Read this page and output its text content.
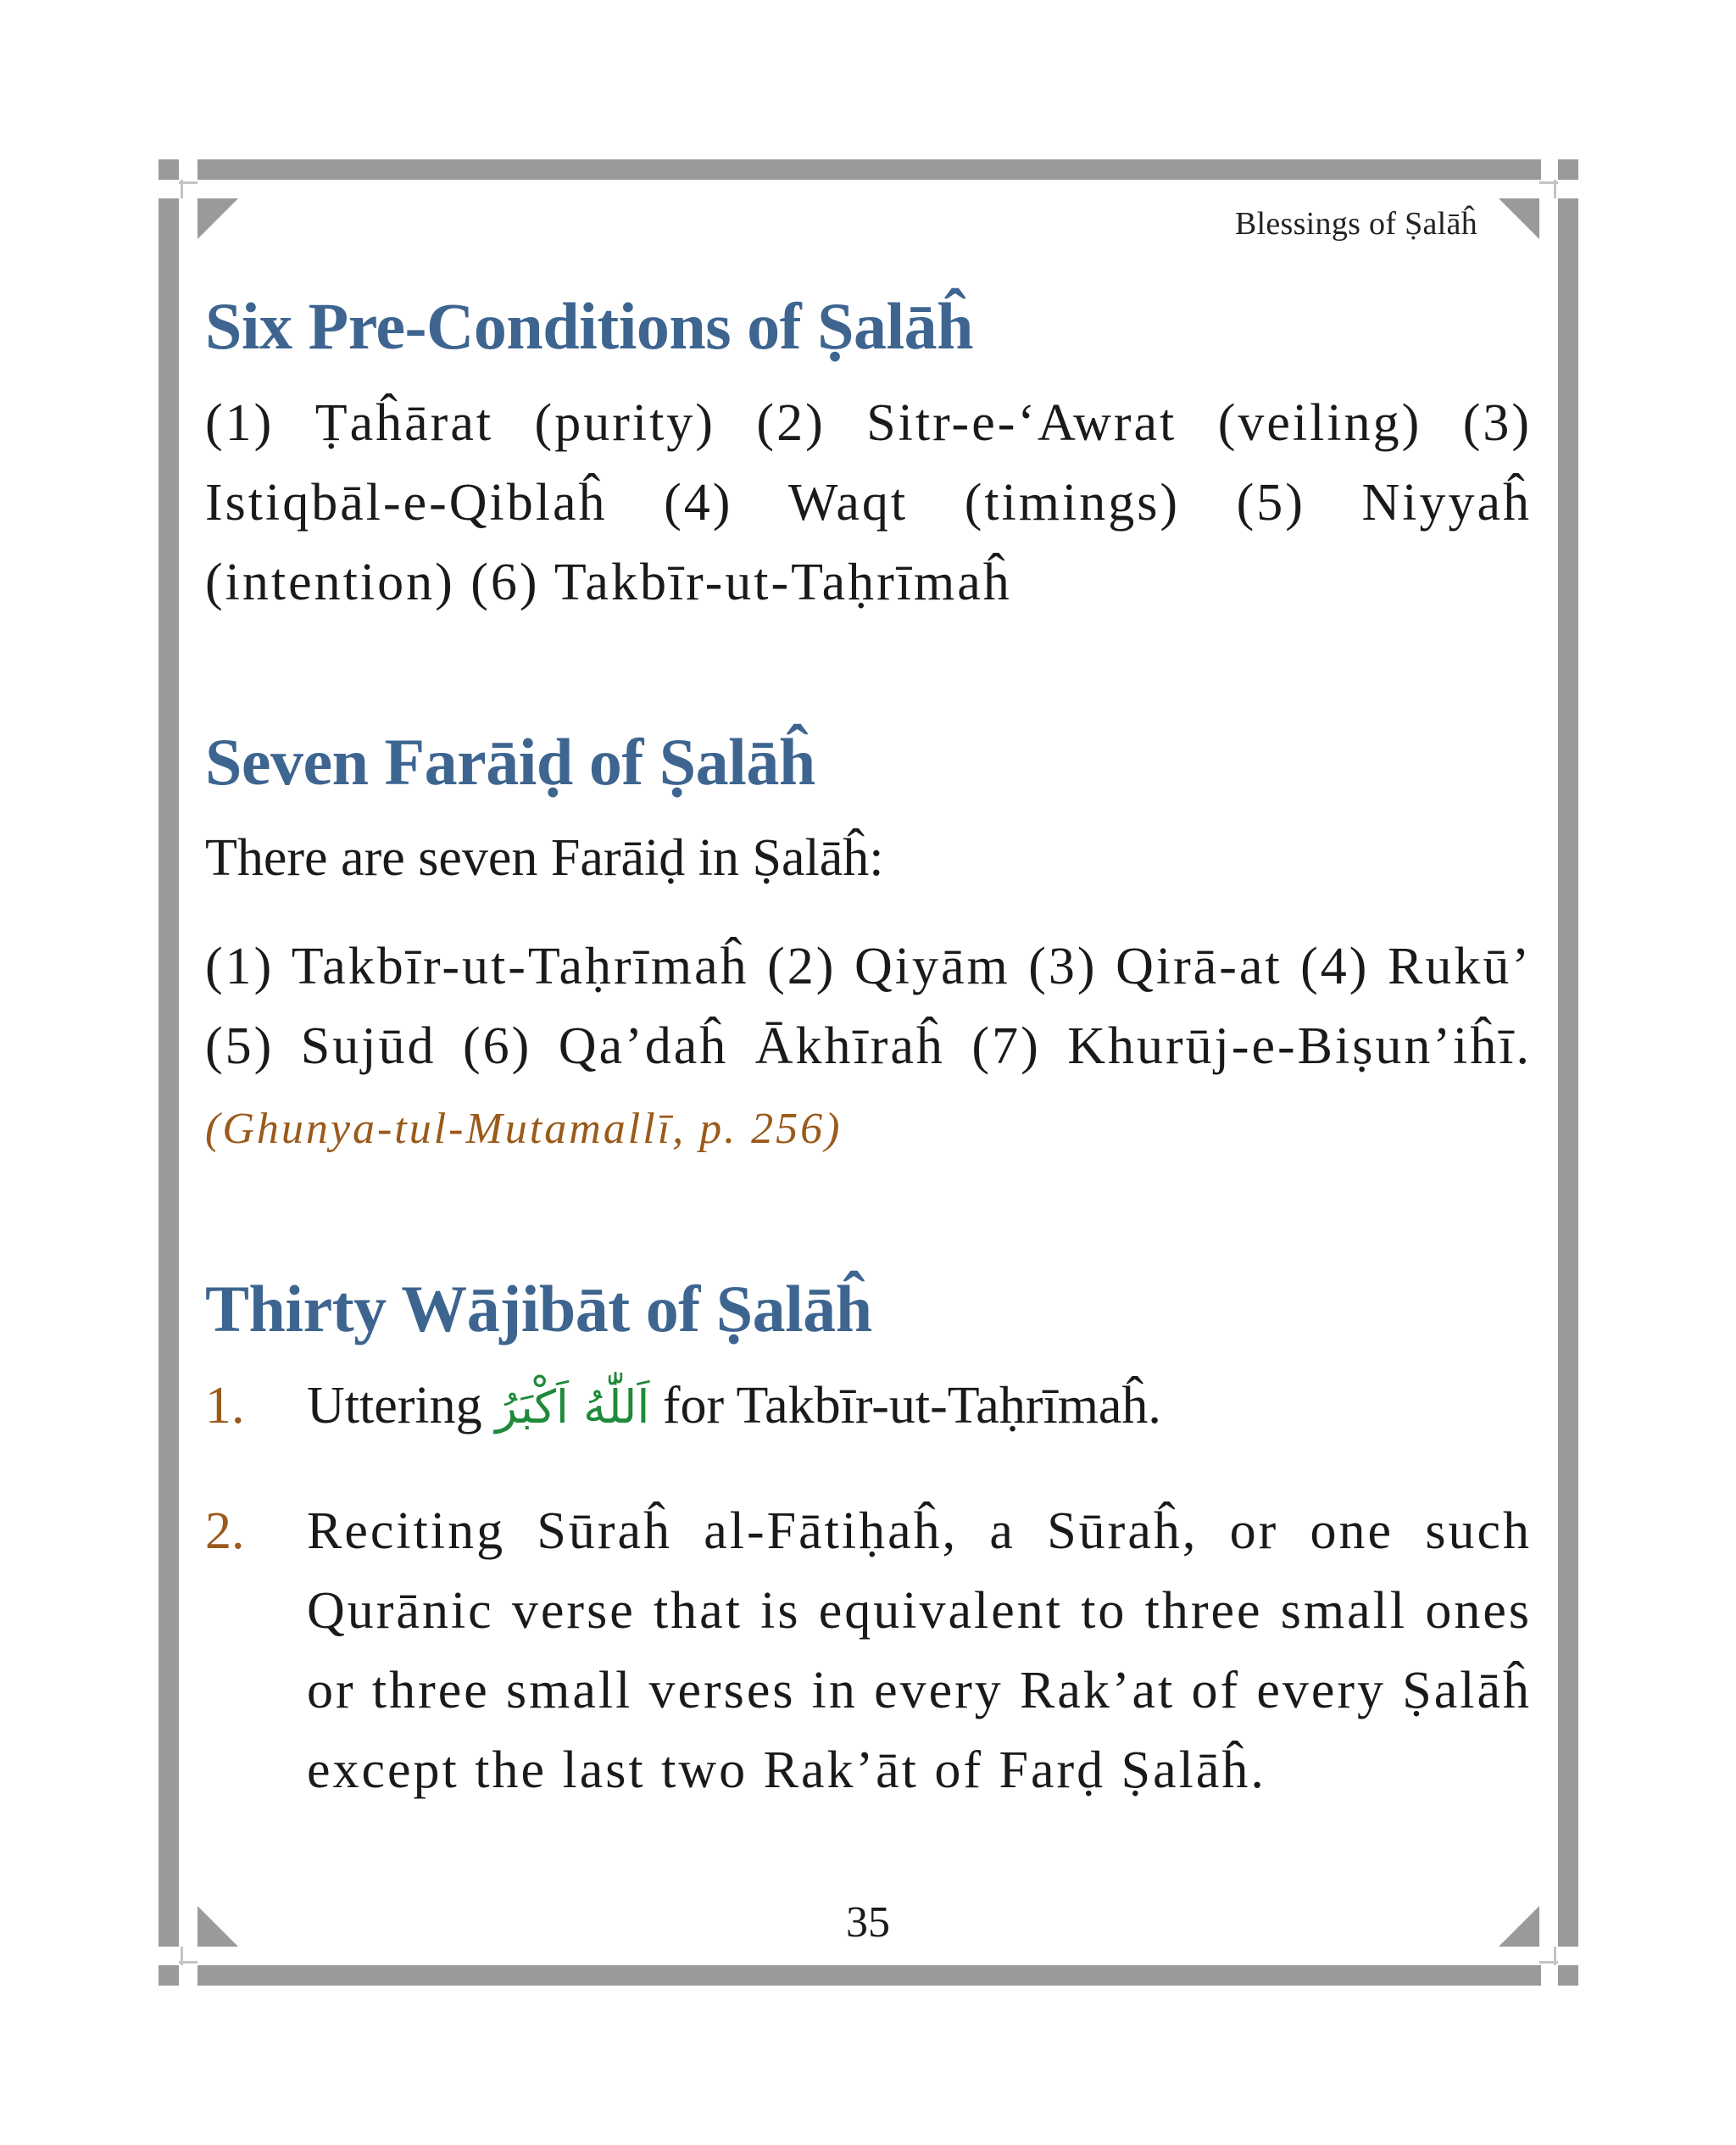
Blessings of Ṣalāĥ
Six Pre-Conditions of Ṣalāĥ

(1) Ṭaĥārat (purity) (2) Sitr-e-‘Awrat (veiling) (3) Istiqbāl-e-Qiblaĥ (4) Waqt (timings) (5) Niyyaĥ (intention) (6) Takbīr-ut-Taḥrīmaĥ

Seven Farāiḍ of Ṣalāĥ

There are seven Farāiḍ in Ṣalāĥ:

(1) Takbīr-ut-Taḥrīmaĥ (2) Qiyām (3) Qirā-at (4) Rukū’ (5) Sujūd (6) Qa’daĥ Ākhīraĥ (7) Khurūj-e-Biṣun’iĥī. (Ghunya-tul-Mutamallī, p. 256)

Thirty Wājibāt of Ṣalāĥ
1. Uttering اَللّٰهُ اَكْبَرُ for Takbīr-ut-Taḥrīmaĥ.
2. Reciting Sūraĥ al-Fātiḥaĥ, a Sūraĥ, or one such Qurānic verse that is equivalent to three small ones or three small verses in every Rak’at of every Ṣalāĥ except the last two Rak’āt of Farḍ Ṣalāĥ.
35
